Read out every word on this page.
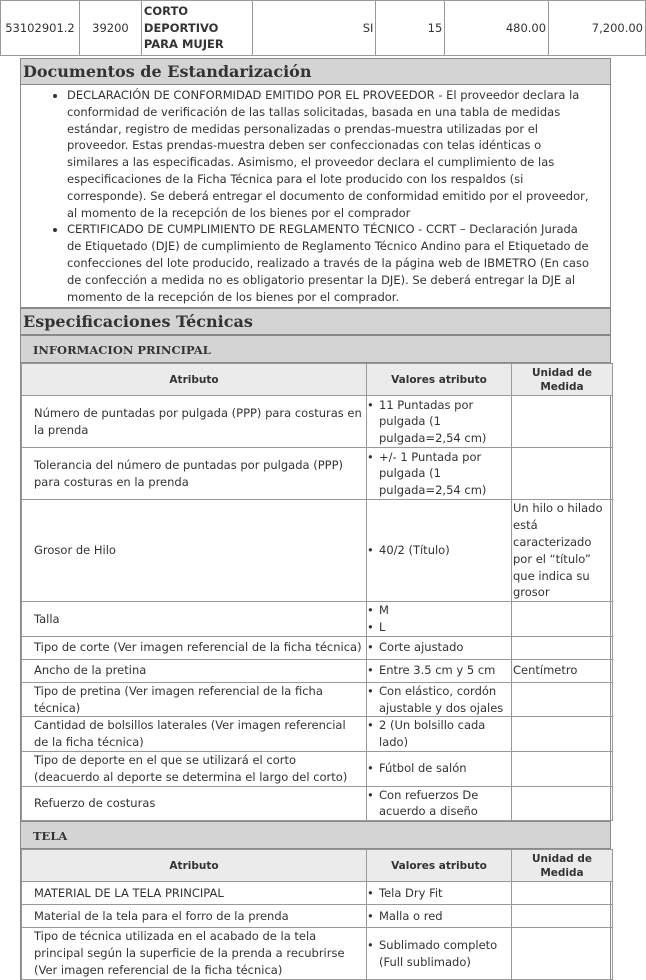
53102901.2	39200	CORTO DEPORTIVO PARA MUJER	SI	15	480.00	7,200.00
Documentos de Estandarización
• DECLARACIÓN DE CONFORMIDAD EMITIDO POR EL PROVEEDOR - El proveedor declara la conformidad de verificación de las tallas solicitadas, basada en una tabla de medidas estándar, registro de medidas personalizadas o prendas-muestra utilizadas por el proveedor. Estas prendas-muestra deben ser confeccionadas con telas idénticas o similares a las especificadas. Asimismo, el proveedor declara el cumplimiento de las especificaciones de la Ficha Técnica para el lote producido con los respaldos (si corresponde). Se deberá entregar el documento de conformidad emitido por el proveedor, al momento de la recepción de los bienes por el comprador
• CERTIFICADO DE CUMPLIMIENTO DE REGLAMENTO TÉCNICO - CCRT – Declaración Jurada de Etiquetado (DJE) de cumplimiento de Reglamento Técnico Andino para el Etiquetado de confecciones del lote producido, realizado a través de la página web de IBMETRO (En caso de confección a medida no es obligatorio presentar la DJE). Se deberá entregar la DJE al momento de la recepción de los bienes por el comprador.
Especificaciones Técnicas
INFORMACION PRINCIPAL
Atributo	Valores atributo	Unidad de Medida
Número de puntadas por pulgada (PPP) para costuras en la prenda	• 11 Puntadas por pulgada (1 pulgada=2,54 cm)	

Tolerancia del número de puntadas por pulgada (PPP) para costuras en la prenda	• +/- 1 Puntada por pulgada (1 pulgada=2,54 cm)	

Grosor de Hilo	• 40/2 (Título)	Un hilo o hilado está caracterizado por el “título” que indica su grosor
Talla	• M
• L	

Tipo de corte (Ver imagen referencial de la ficha técnica)	• Corte ajustado	

Ancho de la pretina	• Entre 3.5 cm y 5 cm	Centímetro
Tipo de pretina (Ver imagen referencial de la ficha técnica)	• Con elástico, cordón ajustable y dos ojales	

Cantidad de bolsillos laterales (Ver imagen referencial de la ficha técnica)	• 2 (Un bolsillo cada lado)	

Tipo de deporte en el que se utilizará el corto (deacuerdo al deporte se determina el largo del corto)	• Fútbol de salón	

Refuerzo de costuras	• Con refuerzos De acuerdo a diseño	

TELA
Atributo	Valores atributo	Unidad de Medida
MATERIAL DE LA TELA PRINCIPAL	• Tela Dry Fit	

Material de la tela para el forro de la prenda	• Malla o red	

Tipo de técnica utilizada en el acabado de la tela principal según la superficie de la prenda a recubrirse (Ver imagen referencial de la ficha técnica)	• Sublimado completo (Full sublimado)	
